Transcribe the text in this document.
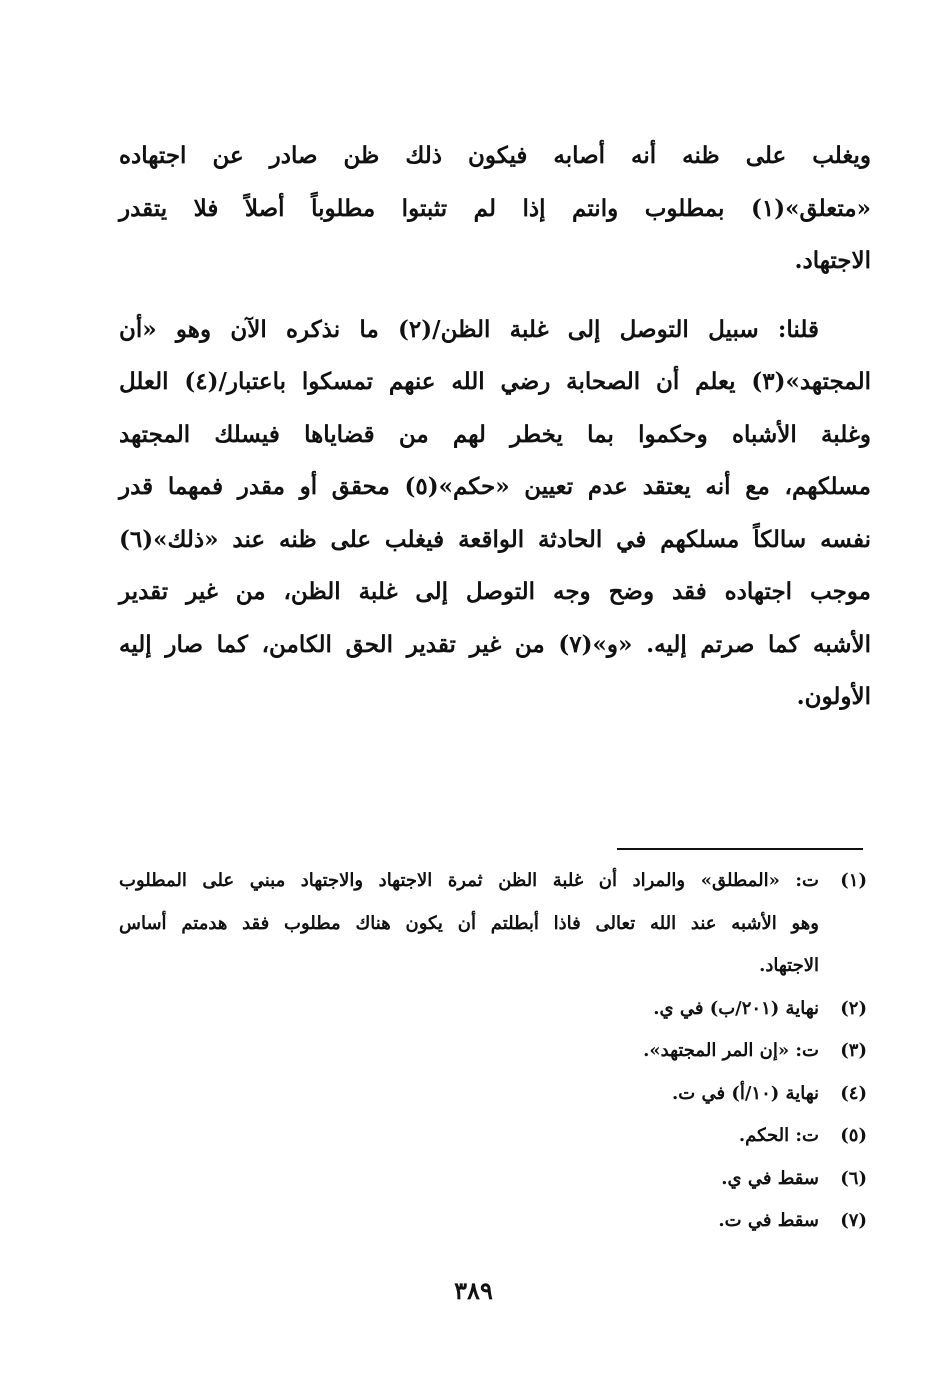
ويغلب على ظنه أنه أصابه فيكون ذلك ظن صادر عن اجتهاده
«متعلق»(١) بمطلوب وانتم إذا لم تثبتوا مطلوباً أصلاً فلا يتقدر
الاجتهاد.

قلنا: سبيل التوصل إلى غلبة الظن/(٢) ما نذكره الآن وهو «أن
المجتهد»(٣) يعلم أن الصحابة رضي الله عنهم تمسكوا باعتبار/(٤) العلل
وغلبة الأشباه وحكموا بما يخطر لهم من قضاياها فيسلك المجتهد
مسلكهم، مع أنه يعتقد عدم تعيين «حكم»(٥) محقق أو مقدر فمهما قدر
نفسه سالكاً مسلكهم في الحادثة الواقعة فيغلب على ظنه عند «ذلك»(٦)
موجب اجتهاده فقد وضح وجه التوصل إلى غلبة الظن، من غير تقدير
الأشبه كما صرتم إليه. «و»(٧) من غير تقدير الحق الكامن، كما صار إليه
الأولون.

(١)
ت: «المطلق» والمراد أن غلبة الظن ثمرة الاجتهاد والاجتهاد مبني على المطلوب
وهو الأشبه عند الله تعالى فاذا أبطلتم أن يكون هناك مطلوب فقد هدمتم أساس
الاجتهاد.
(٢)
نهاية (٢٠١/ب) في ي.
(٣)
ت: «إن المر المجتهد».
(٤)
نهاية (١٠/أ) في ت.
(٥)
ت: الحكم.
(٦)
سقط في ي.
(٧)
سقط في ت.
٣٨٩
